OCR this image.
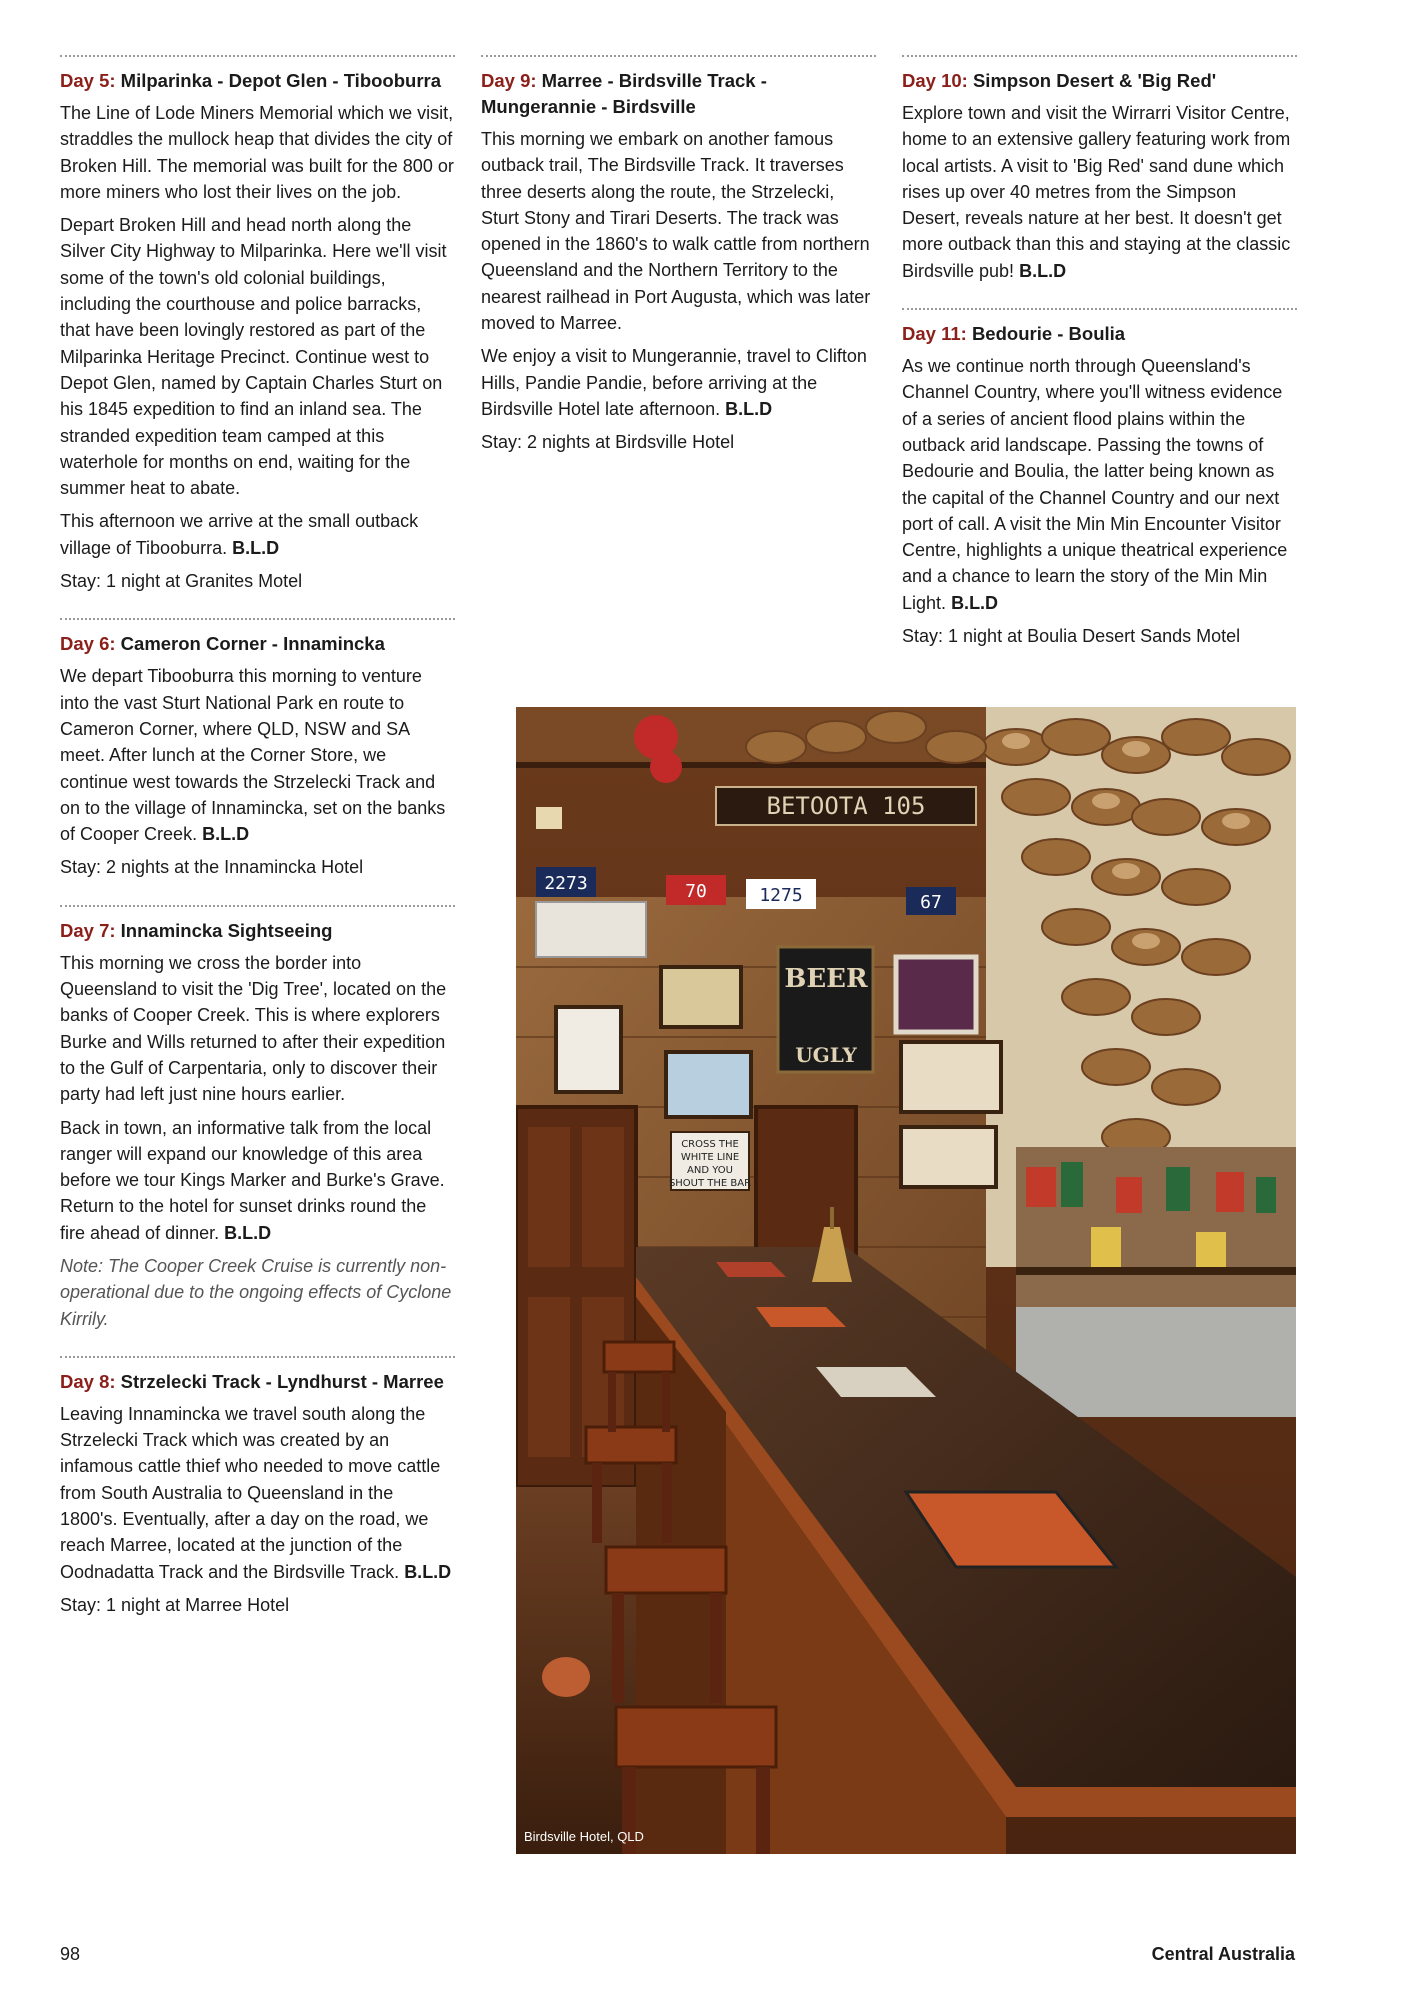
Day 5: Milparinka - Depot Glen - Tibooburra

The Line of Lode Miners Memorial which we visit, straddles the mullock heap that divides the city of Broken Hill. The memorial was built for the 800 or more miners who lost their lives on the job.

Depart Broken Hill and head north along the Silver City Highway to Milparinka. Here we'll visit some of the town's old colonial buildings, including the courthouse and police barracks, that have been lovingly restored as part of the Milparinka Heritage Precinct. Continue west to Depot Glen, named by Captain Charles Sturt on his 1845 expedition to find an inland sea. The stranded expedition team camped at this waterhole for months on end, waiting for the summer heat to abate.

This afternoon we arrive at the small outback village of Tibooburra. B.L.D

Stay: 1 night at Granites Motel

Day 6: Cameron Corner - Innamincka

We depart Tibooburra this morning to venture into the vast Sturt National Park en route to Cameron Corner, where QLD, NSW and SA meet. After lunch at the Corner Store, we continue west towards the Strzelecki Track and on to the village of Innamincka, set on the banks of Cooper Creek. B.L.D

Stay: 2 nights at the Innamincka Hotel

Day 7: Innamincka Sightseeing

This morning we cross the border into Queensland to visit the 'Dig Tree', located on the banks of Cooper Creek. This is where explorers Burke and Wills returned to after their expedition to the Gulf of Carpentaria, only to discover their party had left just nine hours earlier.

Back in town, an informative talk from the local ranger will expand our knowledge of this area before we tour Kings Marker and Burke's Grave. Return to the hotel for sunset drinks round the fire ahead of dinner. B.L.D

Note: The Cooper Creek Cruise is currently non-operational due to the ongoing effects of Cyclone Kirrily.

Day 8: Strzelecki Track - Lyndhurst - Marree

Leaving Innamincka we travel south along the Strzelecki Track which was created by an infamous cattle thief who needed to move cattle from South Australia to Queensland in the 1800's. Eventually, after a day on the road, we reach Marree, located at the junction of the Oodnadatta Track and the Birdsville Track. B.L.D

Stay: 1 night at Marree Hotel

Day 9: Marree - Birdsville Track - Mungerannie - Birdsville

This morning we embark on another famous outback trail, The Birdsville Track. It traverses three deserts along the route, the Strzelecki, Sturt Stony and Tirari Deserts. The track was opened in the 1860's to walk cattle from northern Queensland and the Northern Territory to the nearest railhead in Port Augusta, which was later moved to Marree.

We enjoy a visit to Mungerannie, travel to Clifton Hills, Pandie Pandie, before arriving at the Birdsville Hotel late afternoon. B.L.D

Stay: 2 nights at Birdsville Hotel

Day 10: Simpson Desert & 'Big Red'

Explore town and visit the Wirrarri Visitor Centre, home to an extensive gallery featuring work from local artists. A visit to 'Big Red' sand dune which rises up over 40 metres from the Simpson Desert, reveals nature at her best. It doesn't get more outback than this and staying at the classic Birdsville pub! B.L.D

Day 11: Bedourie - Boulia

As we continue north through Queensland's Channel Country, where you'll witness evidence of a series of ancient flood plains within the outback arid landscape. Passing the towns of Bedourie and Boulia, the latter being known as the capital of the Channel Country and our next port of call. A visit the Min Min Encounter Visitor Centre, highlights a unique theatrical experience and a chance to learn the story of the Min Min Light. B.L.D

Stay: 1 night at Boulia Desert Sands Motel

BETOOTA 105
2273	70	1275	67
BEER
UGLY
CROSS THE
WHITE LINE
AND YOU
SHOUT THE BAR
Birdsville Hotel, QLD
98	Central Australia
